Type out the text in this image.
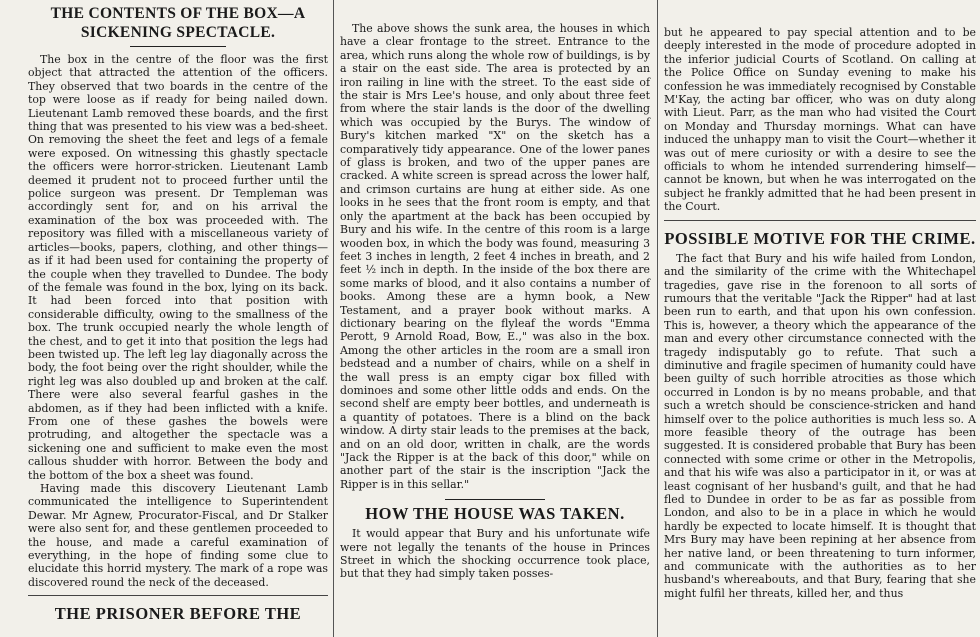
THE CONTENTS OF THE BOX—A SICKENING SPECTACLE.

The box in the centre of the floor was the first object that attracted the attention of the officers. They observed that two boards in the centre of the top were loose as if ready for being nailed down. Lieutenant Lamb removed these boards, and the first thing that was presented to his view was a bed-sheet. On removing the sheet the feet and legs of a female were exposed. On witnessing this ghastly spectacle the officers were horror-stricken. Lieutenant Lamb deemed it prudent not to proceed further until the police surgeon was present. Dr Templeman was accordingly sent for, and on his arrival the examination of the box was proceeded with. The repository was filled with a miscellaneous variety of articles—books, papers, clothing, and other things—as if it had been used for containing the property of the couple when they travelled to Dundee. The body of the female was found in the box, lying on its back. It had been forced into that position with considerable difficulty, owing to the smallness of the box. The trunk occupied nearly the whole length of the chest, and to get it into that position the legs had been twisted up. The left leg lay diagonally across the body, the foot being over the right shoulder, while the right leg was also doubled up and broken at the calf. There were also several fearful gashes in the abdomen, as if they had been inflicted with a knife. From one of these gashes the bowels were protruding, and altogether the spectacle was a sickening one and sufficient to make even the most callous shudder with horror. Between the body and the bottom of the box a sheet was found.

Having made this discovery Lieutenant Lamb communicated the intelligence to Superintendent Dewar. Mr Agnew, Procurator-Fiscal, and Dr Stalker were also sent for, and these gentlemen proceeded to the house, and made a careful examination of everything, in the hope of finding some clue to elucidate this horrid mystery. The mark of a rope was discovered round the neck of the deceased.

THE PRISONER BEFORE THE

The above shows the sunk area, the houses in which have a clear frontage to the street. Entrance to the area, which runs along the whole row of buildings, is by a stair on the east side. The area is protected by an iron railing in line with the street. To the east side of the stair is Mrs Lee's house, and only about three feet from where the stair lands is the door of the dwelling which was occupied by the Burys. The window of Bury's kitchen marked "X" on the sketch has a comparatively tidy appearance. One of the lower panes of glass is broken, and two of the upper panes are cracked. A white screen is spread across the lower half, and crimson curtains are hung at either side. As one looks in he sees that the front room is empty, and that only the apartment at the back has been occupied by Bury and his wife. In the centre of this room is a large wooden box, in which the body was found, measuring 3 feet 3 inches in length, 2 feet 4 inches in breath, and 2 feet ½ inch in depth. In the inside of the box there are some marks of blood, and it also contains a number of books. Among these are a hymn book, a New Testament, and a prayer book without marks. A dictionary bearing on the flyleaf the words "Emma Perott, 9 Arnold Road, Bow, E.," was also in the box. Among the other articles in the room are a small iron bedstead and a number of chairs, while on a shelf in the wall press is an empty cigar box filled with dominoes and some other little odds and ends. On the second shelf are empty beer bottles, and underneath is a quantity of potatoes. There is a blind on the back window. A dirty stair leads to the premises at the back, and on an old door, written in chalk, are the words "Jack the Ripper is at the back of this door," while on another part of the stair is the inscription "Jack the Ripper is in this sellar."

HOW THE HOUSE WAS TAKEN.

It would appear that Bury and his unfortunate wife were not legally the tenants of the house in Princes Street in which the shocking occurrence took place, but that they had simply taken posses-

but he appeared to pay special attention and to be deeply interested in the mode of procedure adopted in the inferior judicial Courts of Scotland. On calling at the Police Office on Sunday evening to make his confession he was immediately recognised by Constable M'Kay, the acting bar officer, who was on duty along with Lieut. Parr, as the man who had visited the Court on Monday and Thursday mornings. What can have induced the unhappy man to visit the Court—whether it was out of mere curiosity or with a desire to see the officials to whom he intended surrendering himself—cannot be known, but when he was interrogated on the subject he frankly admitted that he had been present in the Court.

POSSIBLE MOTIVE FOR THE CRIME.

The fact that Bury and his wife hailed from London, and the similarity of the crime with the Whitechapel tragedies, gave rise in the forenoon to all sorts of rumours that the veritable "Jack the Ripper" had at last been run to earth, and that upon his own confession. This is, however, a theory which the appearance of the man and every other circumstance connected with the tragedy indisputably go to refute. That such a diminutive and fragile specimen of humanity could have been guilty of such horrible atrocities as those which occurred in London is by no means probable, and that such a wretch should be conscience-stricken and hand himself over to the police authorities is much less so. A more feasible theory of the outrage has been suggested. It is considered probable that Bury has been connected with some crime or other in the Metropolis, and that his wife was also a participator in it, or was at least cognisant of her husband's guilt, and that he had fled to Dundee in order to be as far as possible from London, and also to be in a place in which he would hardly be expected to locate himself. It is thought that Mrs Bury may have been repining at her absence from her native land, or been threatening to turn informer, and communicate with the authorities as to her husband's whereabouts, and that Bury, fearing that she might fulfil her threats, killed her, and thus
